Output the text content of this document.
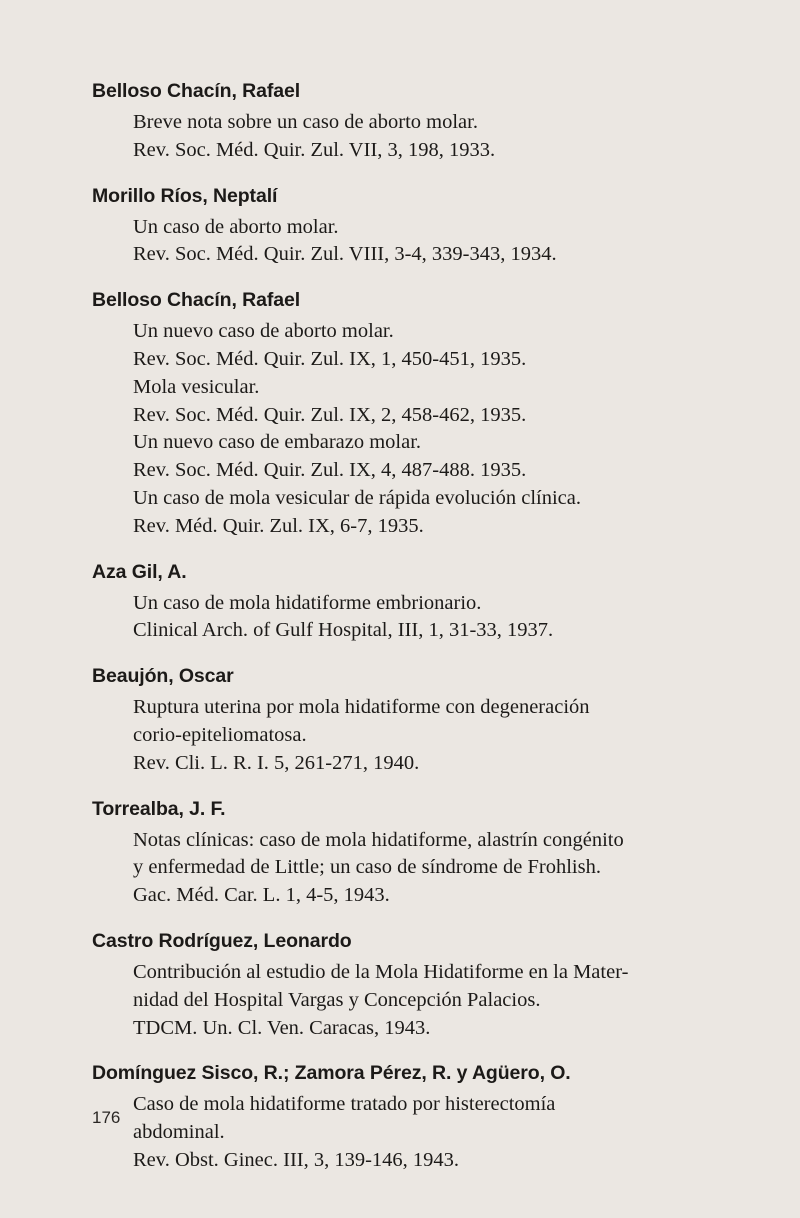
Belloso Chacín, Rafael
Breve nota sobre un caso de aborto molar.
Rev. Soc. Méd. Quir. Zul. VII, 3, 198, 1933.
Morillo Ríos, Neptalí
Un caso de aborto molar.
Rev. Soc. Méd. Quir. Zul. VIII, 3-4, 339-343, 1934.
Belloso Chacín, Rafael
Un nuevo caso de aborto molar.
Rev. Soc. Méd. Quir. Zul. IX, 1, 450-451, 1935.
Mola vesicular.
Rev. Soc. Méd. Quir. Zul. IX, 2, 458-462, 1935.
Un nuevo caso de embarazo molar.
Rev. Soc. Méd. Quir. Zul. IX, 4, 487-488. 1935.
Un caso de mola vesicular de rápida evolución clínica.
Rev. Méd. Quir. Zul. IX, 6-7, 1935.
Aza Gil, A.
Un caso de mola hidatiforme embrionario.
Clinical Arch. of Gulf Hospital, III, 1, 31-33, 1937.
Beaujón, Oscar
Ruptura uterina por mola hidatiforme con degeneración
corio-epiteliomatosa.
Rev. Cli. L. R. I. 5, 261-271, 1940.
Torrealba, J. F.
Notas clínicas: caso de mola hidatiforme, alastrín congénito
y enfermedad de Little; un caso de síndrome de Frohlish.
Gac. Méd. Car. L. 1, 4-5, 1943.
Castro Rodríguez, Leonardo
Contribución al estudio de la Mola Hidatiforme en la Mater-
nidad del Hospital Vargas y Concepción Palacios.
TDCM. Un. Cl. Ven. Caracas, 1943.
Domínguez Sisco, R.; Zamora Pérez, R. y Agüero, O.
Caso de mola hidatiforme tratado por histerectomía
abdominal.
Rev. Obst. Ginec. III, 3, 139-146, 1943.
176
